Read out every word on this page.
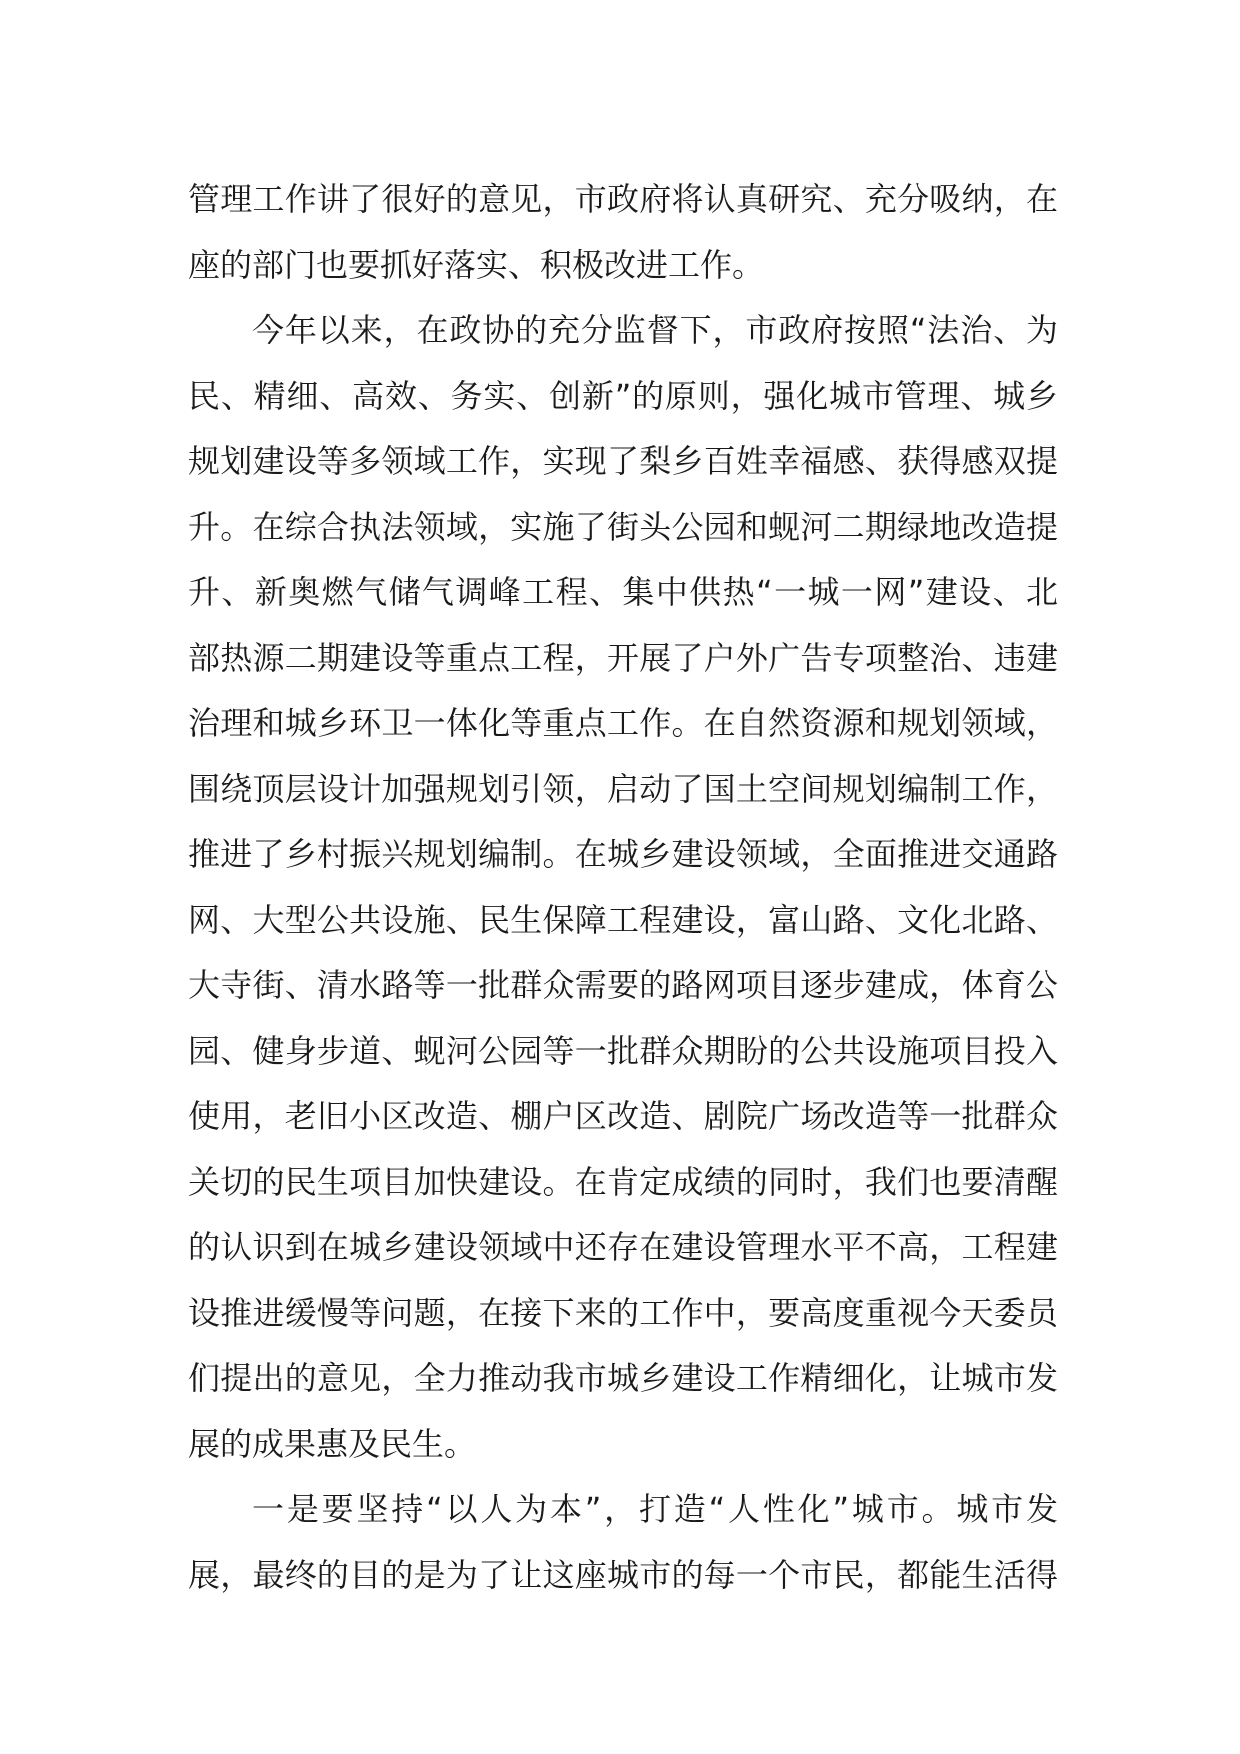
管理工作讲了很好的意见，市政府将认真研究、充分吸纳，在
座的部门也要抓好落实、积极改进工作。
今年以来，在政协的充分监督下，市政府按照“法治、为
民、精细、高效、务实、创新”的原则，强化城市管理、城乡
规划建设等多领域工作，实现了梨乡百姓幸福感、获得感双提
升。在综合执法领域，实施了街头公园和蚬河二期绿地改造提
升、新奥燃气储气调峰工程、集中供热“一城一网”建设、北
部热源二期建设等重点工程，开展了户外广告专项整治、违建
治理和城乡环卫一体化等重点工作。在自然资源和规划领域，
围绕顶层设计加强规划引领，启动了国土空间规划编制工作，
推进了乡村振兴规划编制。在城乡建设领域，全面推进交通路
网、大型公共设施、民生保障工程建设，富山路、文化北路、
大寺街、清水路等一批群众需要的路网项目逐步建成，体育公
园、健身步道、蚬河公园等一批群众期盼的公共设施项目投入
使用，老旧小区改造、棚户区改造、剧院广场改造等一批群众
关切的民生项目加快建设。在肯定成绩的同时，我们也要清醒
的认识到在城乡建设领域中还存在建设管理水平不高，工程建
设推进缓慢等问题，在接下来的工作中，要高度重视今天委员
们提出的意见，全力推动我市城乡建设工作精细化，让城市发
展的成果惠及民生。
一是要坚持“以人为本”，打造“人性化”城市。城市发
展，最终的目的是为了让这座城市的每一个市民，都能生活得
